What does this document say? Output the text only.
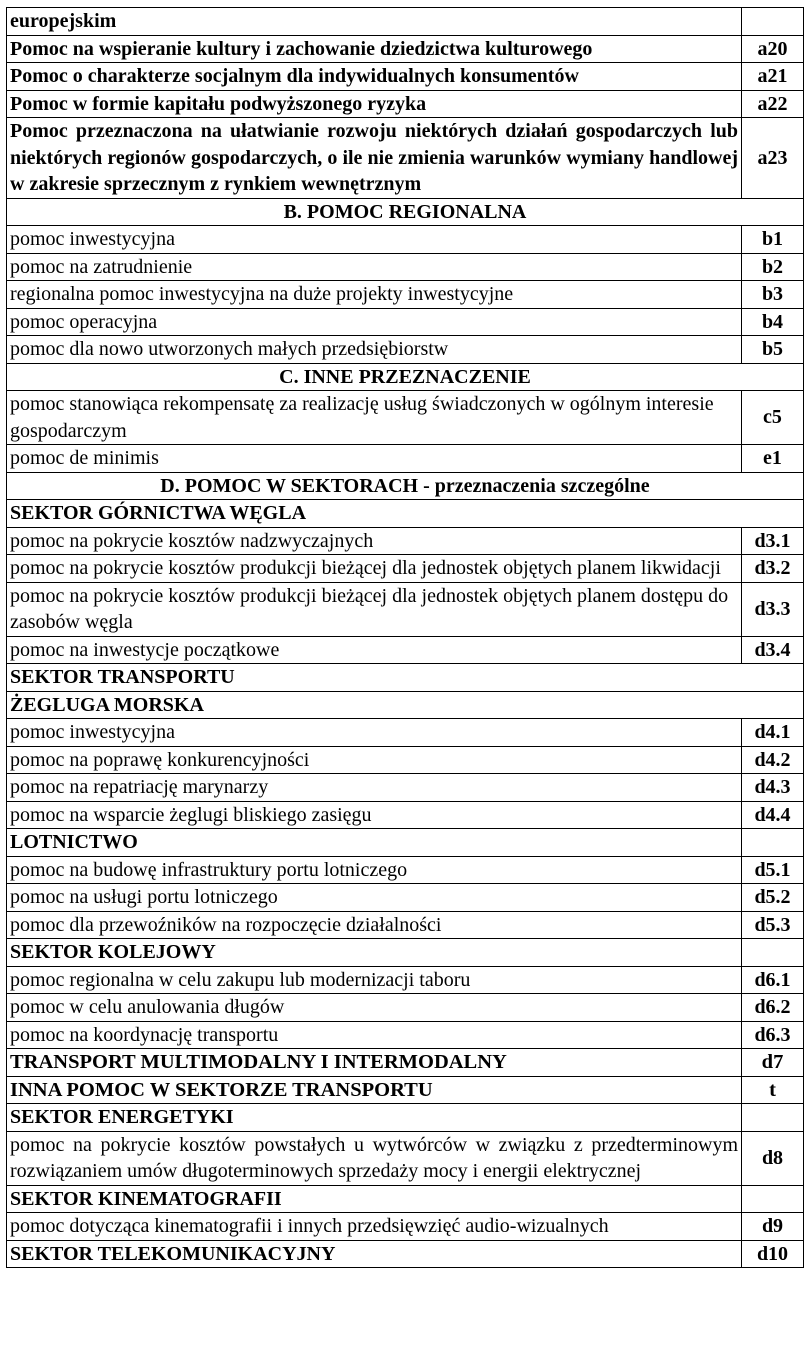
europejskim	
Pomoc na wspieranie kultury i zachowanie dziedzictwa kulturowego	a20
Pomoc o charakterze socjalnym dla indywidualnych konsumentów	a21
Pomoc w formie kapitału podwyższonego ryzyka	a22
Pomoc przeznaczona na ułatwianie rozwoju niektórych działań gospodarczych lub niektórych regionów gospodarczych, o ile nie zmienia warunków wymiany handlowej w zakresie sprzecznym z rynkiem wewnętrznym	a23
B. POMOC REGIONALNA	
pomoc inwestycyjna	b1
pomoc na zatrudnienie	b2
regionalna pomoc inwestycyjna na duże projekty inwestycyjne	b3
pomoc operacyjna	b4
pomoc dla nowo utworzonych małych przedsiębiorstw	b5
C. INNE PRZEZNACZENIE	
pomoc stanowiąca rekompensatę za realizację usług świadczonych w ogólnym interesie gospodarczym	c5
pomoc de minimis	e1
D. POMOC W SEKTORACH - przeznaczenia szczególne	
SEKTOR GÓRNICTWA WĘGLA	
pomoc na pokrycie kosztów nadzwyczajnych	d3.1
pomoc na pokrycie kosztów produkcji bieżącej dla jednostek objętych planem likwidacji	d3.2
pomoc na pokrycie kosztów produkcji bieżącej dla jednostek objętych planem dostępu do zasobów węgla	d3.3
pomoc na inwestycje początkowe	d3.4
SEKTOR TRANSPORTU	
ŻEGLUGA MORSKA	
pomoc inwestycyjna	d4.1
pomoc na poprawę konkurencyjności	d4.2
pomoc na repatriację marynarzy	d4.3
pomoc na wsparcie żeglugi bliskiego zasięgu	d4.4
LOTNICTWO	
pomoc na budowę infrastruktury portu lotniczego	d5.1
pomoc na usługi portu lotniczego	d5.2
pomoc dla przewoźników na rozpoczęcie działalności	d5.3
SEKTOR KOLEJOWY	
pomoc regionalna w celu zakupu lub modernizacji taboru	d6.1
pomoc w celu anulowania długów	d6.2
pomoc na koordynację transportu	d6.3
TRANSPORT MULTIMODALNY I INTERMODALNY	d7
INNA POMOC W SEKTORZE TRANSPORTU	t
SEKTOR ENERGETYKI	
pomoc na pokrycie kosztów powstałych u wytwórców w związku z przedterminowym rozwiązaniem umów długoterminowych sprzedaży mocy i energii elektrycznej	d8
SEKTOR KINEMATOGRAFII	
pomoc dotycząca kinematografii i innych przedsięwzięć audio-wizualnych	d9
SEKTOR TELEKOMUNIKACYJNY	d10
